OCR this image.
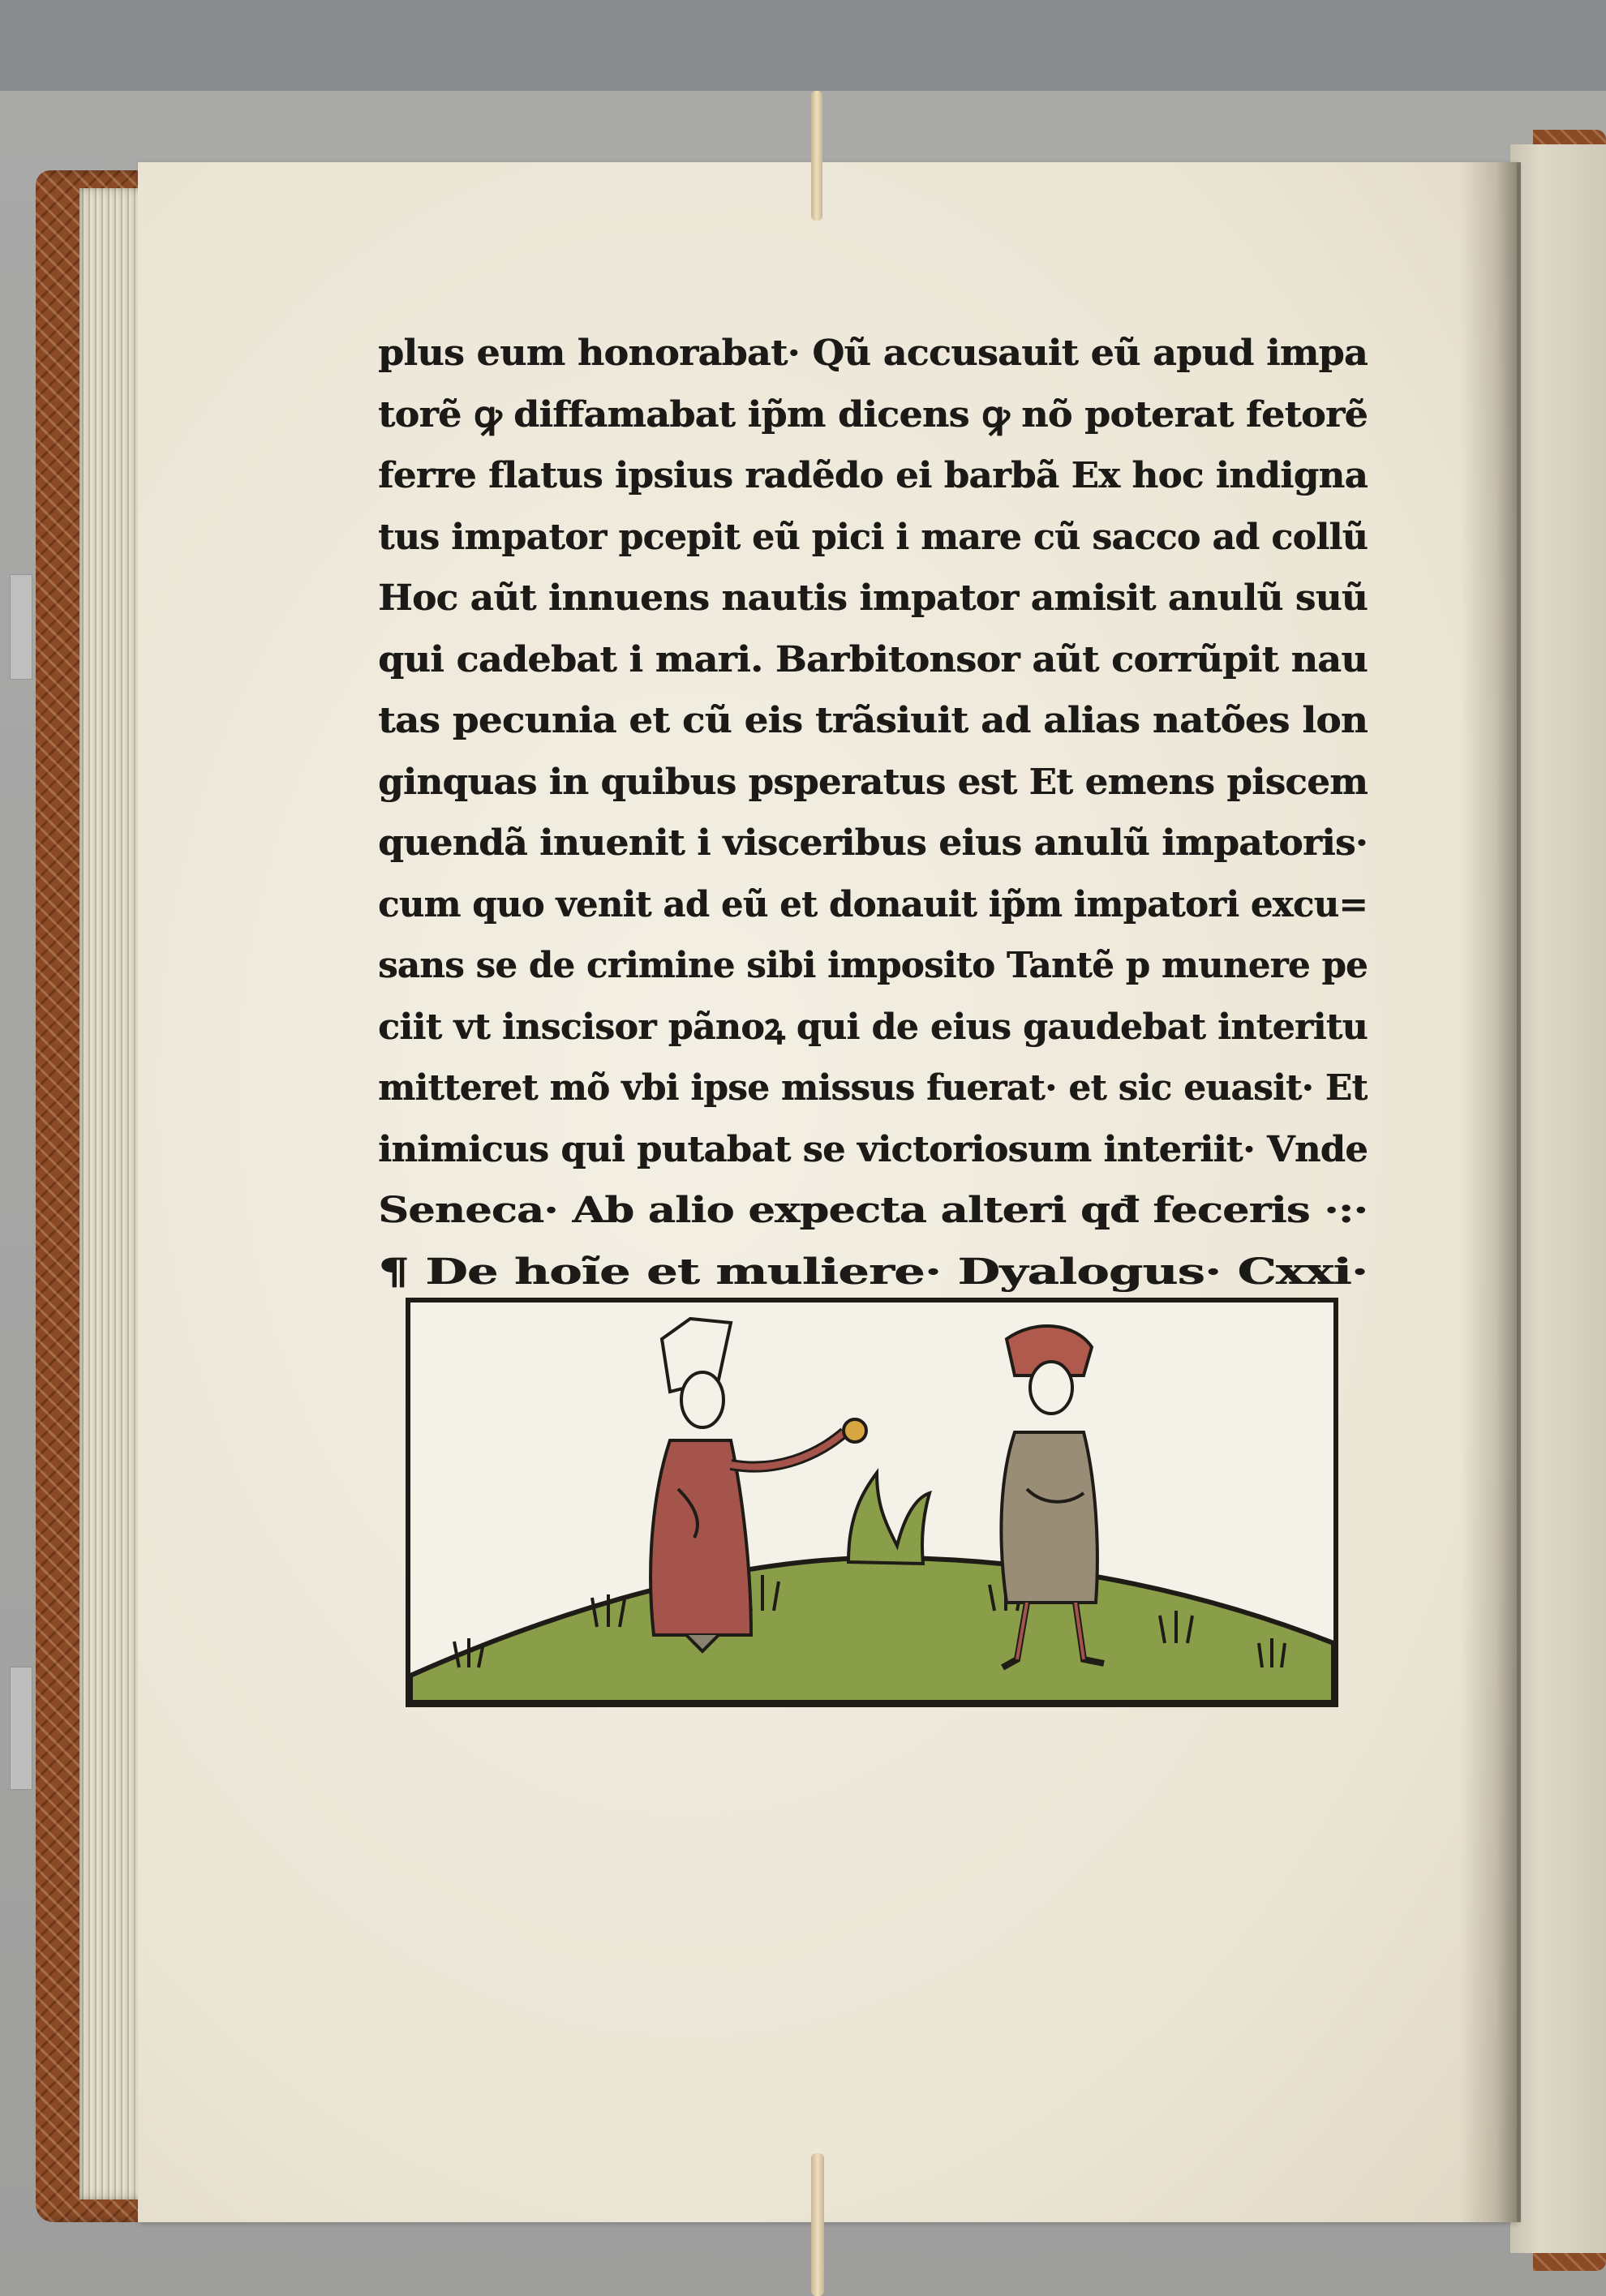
plus eum honorabat· Qũ accusauit eũ apud impa
torẽ ꝙ diffamabat ip̃m dicens ꝙ nõ poterat fetorẽ
ferre flatus ipsius radẽdo ei barbã Ex hoc indigna
tus impator pcepit eũ pici i mare cũ sacco ad collũ
Hoc aũt innuens nautis impator amisit anulũ suũ
qui cadebat i mari. Barbitonsor aũt corrũpit nau
tas pecunia et cũ eis trãsiuit ad alias natões lon
ginquas in quibus psperatus est Et emens piscem
quendã inuenit i visceribus eius anulũ impatoris·
cum quo venit ad eũ et donauit ip̃m impatori excu=
sans se de crimine sibi imposito Tantẽ p munere pe
ciit vt inscisor pãnoꝝ qui de eius gaudebat interitu
mitteret mõ vbi ipse missus fuerat· et sic euasit· Et
inimicus qui putabat se victoriosum interiit· Vnde
Seneca· Ab alio expecta alteri qđ feceris ·:·
¶ De hoĩe et muliere· Dyalogus· Cxxi·
